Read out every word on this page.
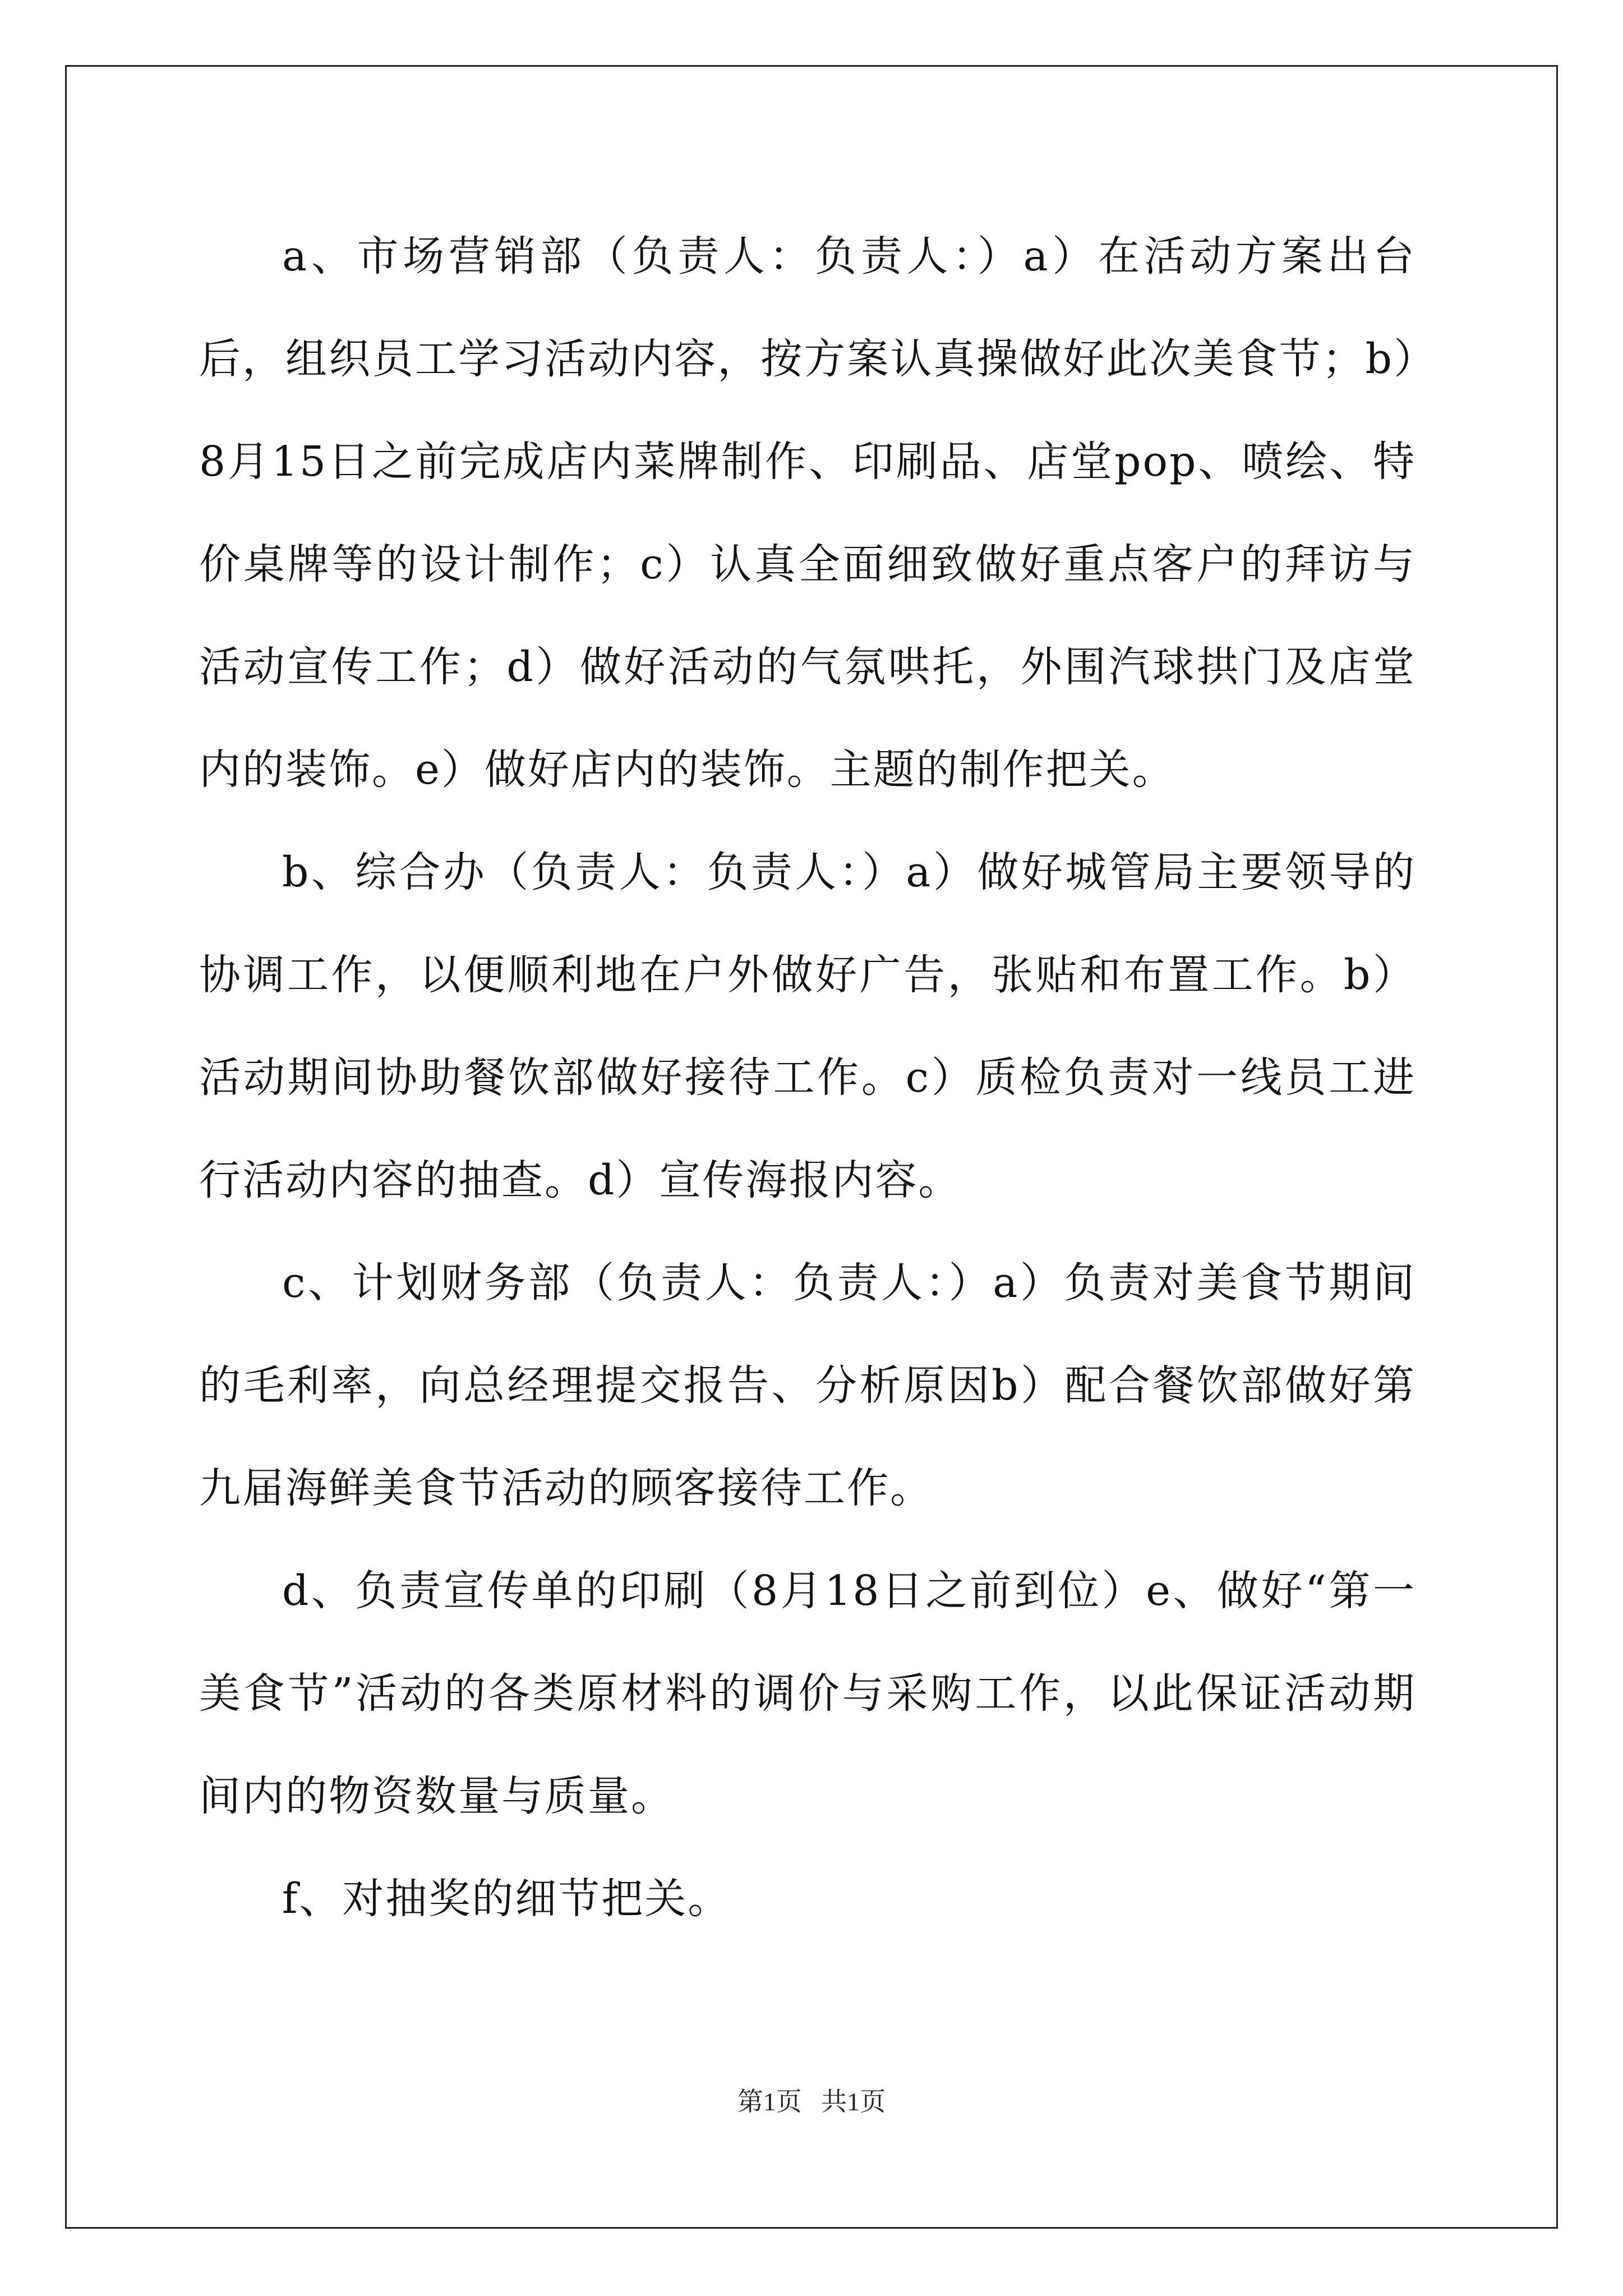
a、市场营销部（负责人：负责人：）a）在活动方案出台后，组织员工学习活动内容，按方案认真操做好此次美食节；b）8月15日之前完成店内菜牌制作、印刷品、店堂pop、喷绘、特价桌牌等的设计制作；c）认真全面细致做好重点客户的拜访与活动宣传工作；d）做好活动的气氛哄托，外围汽球拱门及店堂内的装饰。e）做好店内的装饰。主题的制作把关。

b、综合办（负责人：负责人：）a）做好城管局主要领导的协调工作，以便顺利地在户外做好广告，张贴和布置工作。b）活动期间协助餐饮部做好接待工作。c）质检负责对一线员工进行活动内容的抽查。d）宣传海报内容。

c、计划财务部（负责人：负责人：）a）负责对美食节期间的毛利率，向总经理提交报告、分析原因b）配合餐饮部做好第九届海鲜美食节活动的顾客接待工作。

d、负责宣传单的印刷（8月18日之前到位）e、做好“第一美食节”活动的各类原材料的调价与采购工作，以此保证活动期间内的物资数量与质量。

f、对抽奖的细节把关。

第1页   共1页
